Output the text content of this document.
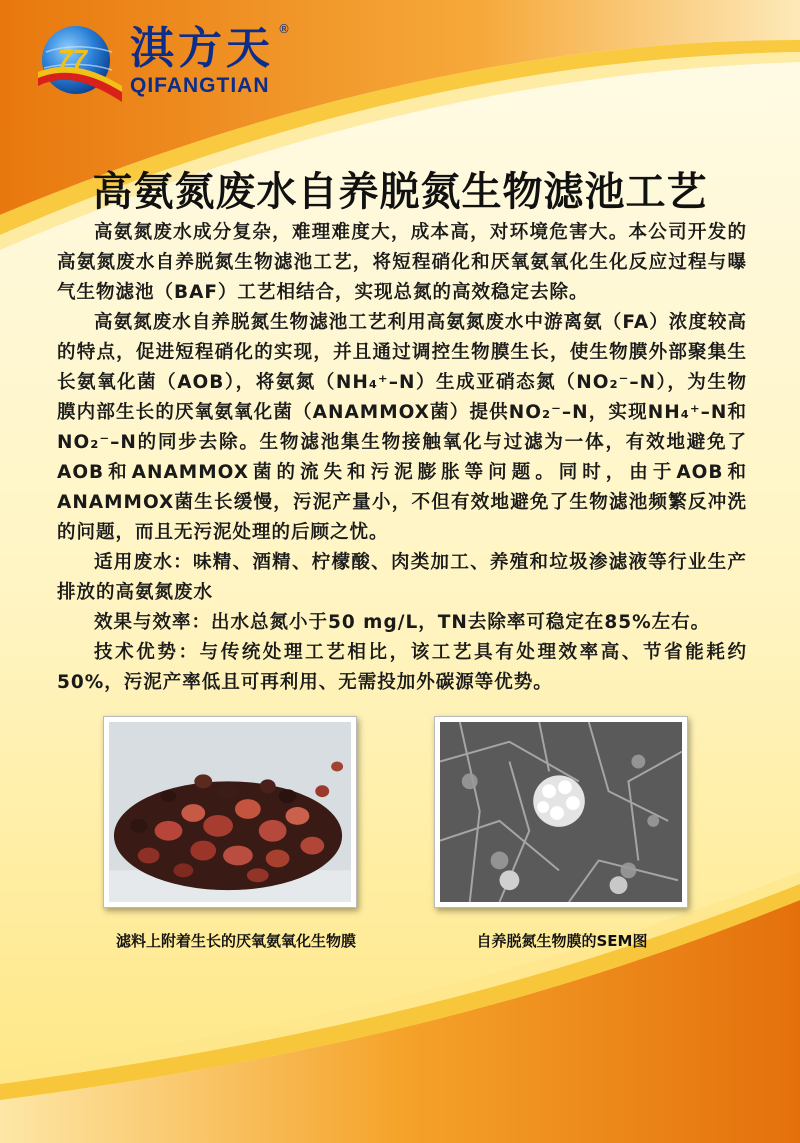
77 淇方天 ®
QIFANGTIAN
高氨氮废水自养脱氮生物滤池工艺

高氨氮废水成分复杂，难理难度大，成本高，对环境危害大。本公司开发的高氨氮废水自养脱氮生物滤池工艺，将短程硝化和厌氧氨氧化生化反应过程与曝气生物滤池（BAF）工艺相结合，实现总氮的高效稳定去除。

高氨氮废水自养脱氮生物滤池工艺利用高氨氮废水中游离氨（FA）浓度较高的特点，促进短程硝化的实现，并且通过调控生物膜生长，使生物膜外部聚集生长氨氧化菌（AOB），将氨氮（NH₄⁺–N）生成亚硝态氮（NO₂⁻–N），为生物膜内部生长的厌氧氨氧化菌（ANAMMOX菌）提供NO₂⁻–N，实现NH₄⁺–N和NO₂⁻–N的同步去除。生物滤池集生物接触氧化与过滤为一体，有效地避免了AOB和ANAMMOX菌的流失和污泥膨胀等问题。同时，由于AOB和ANAMMOX菌生长缓慢，污泥产量小，不但有效地避免了生物滤池频繁反冲洗的问题，而且无污泥处理的后顾之忧。

适用废水：味精、酒精、柠檬酸、肉类加工、养殖和垃圾渗滤液等行业生产排放的高氨氮废水

效果与效率：出水总氮小于50 mg/L，TN去除率可稳定在85%左右。

技术优势：与传统处理工艺相比，该工艺具有处理效率高、节省能耗约50%，污泥产率低且可再利用、无需投加外碳源等优势。

滤料上附着生长的厌氧氨氧化生物膜	自养脱氮生物膜的SEM图
